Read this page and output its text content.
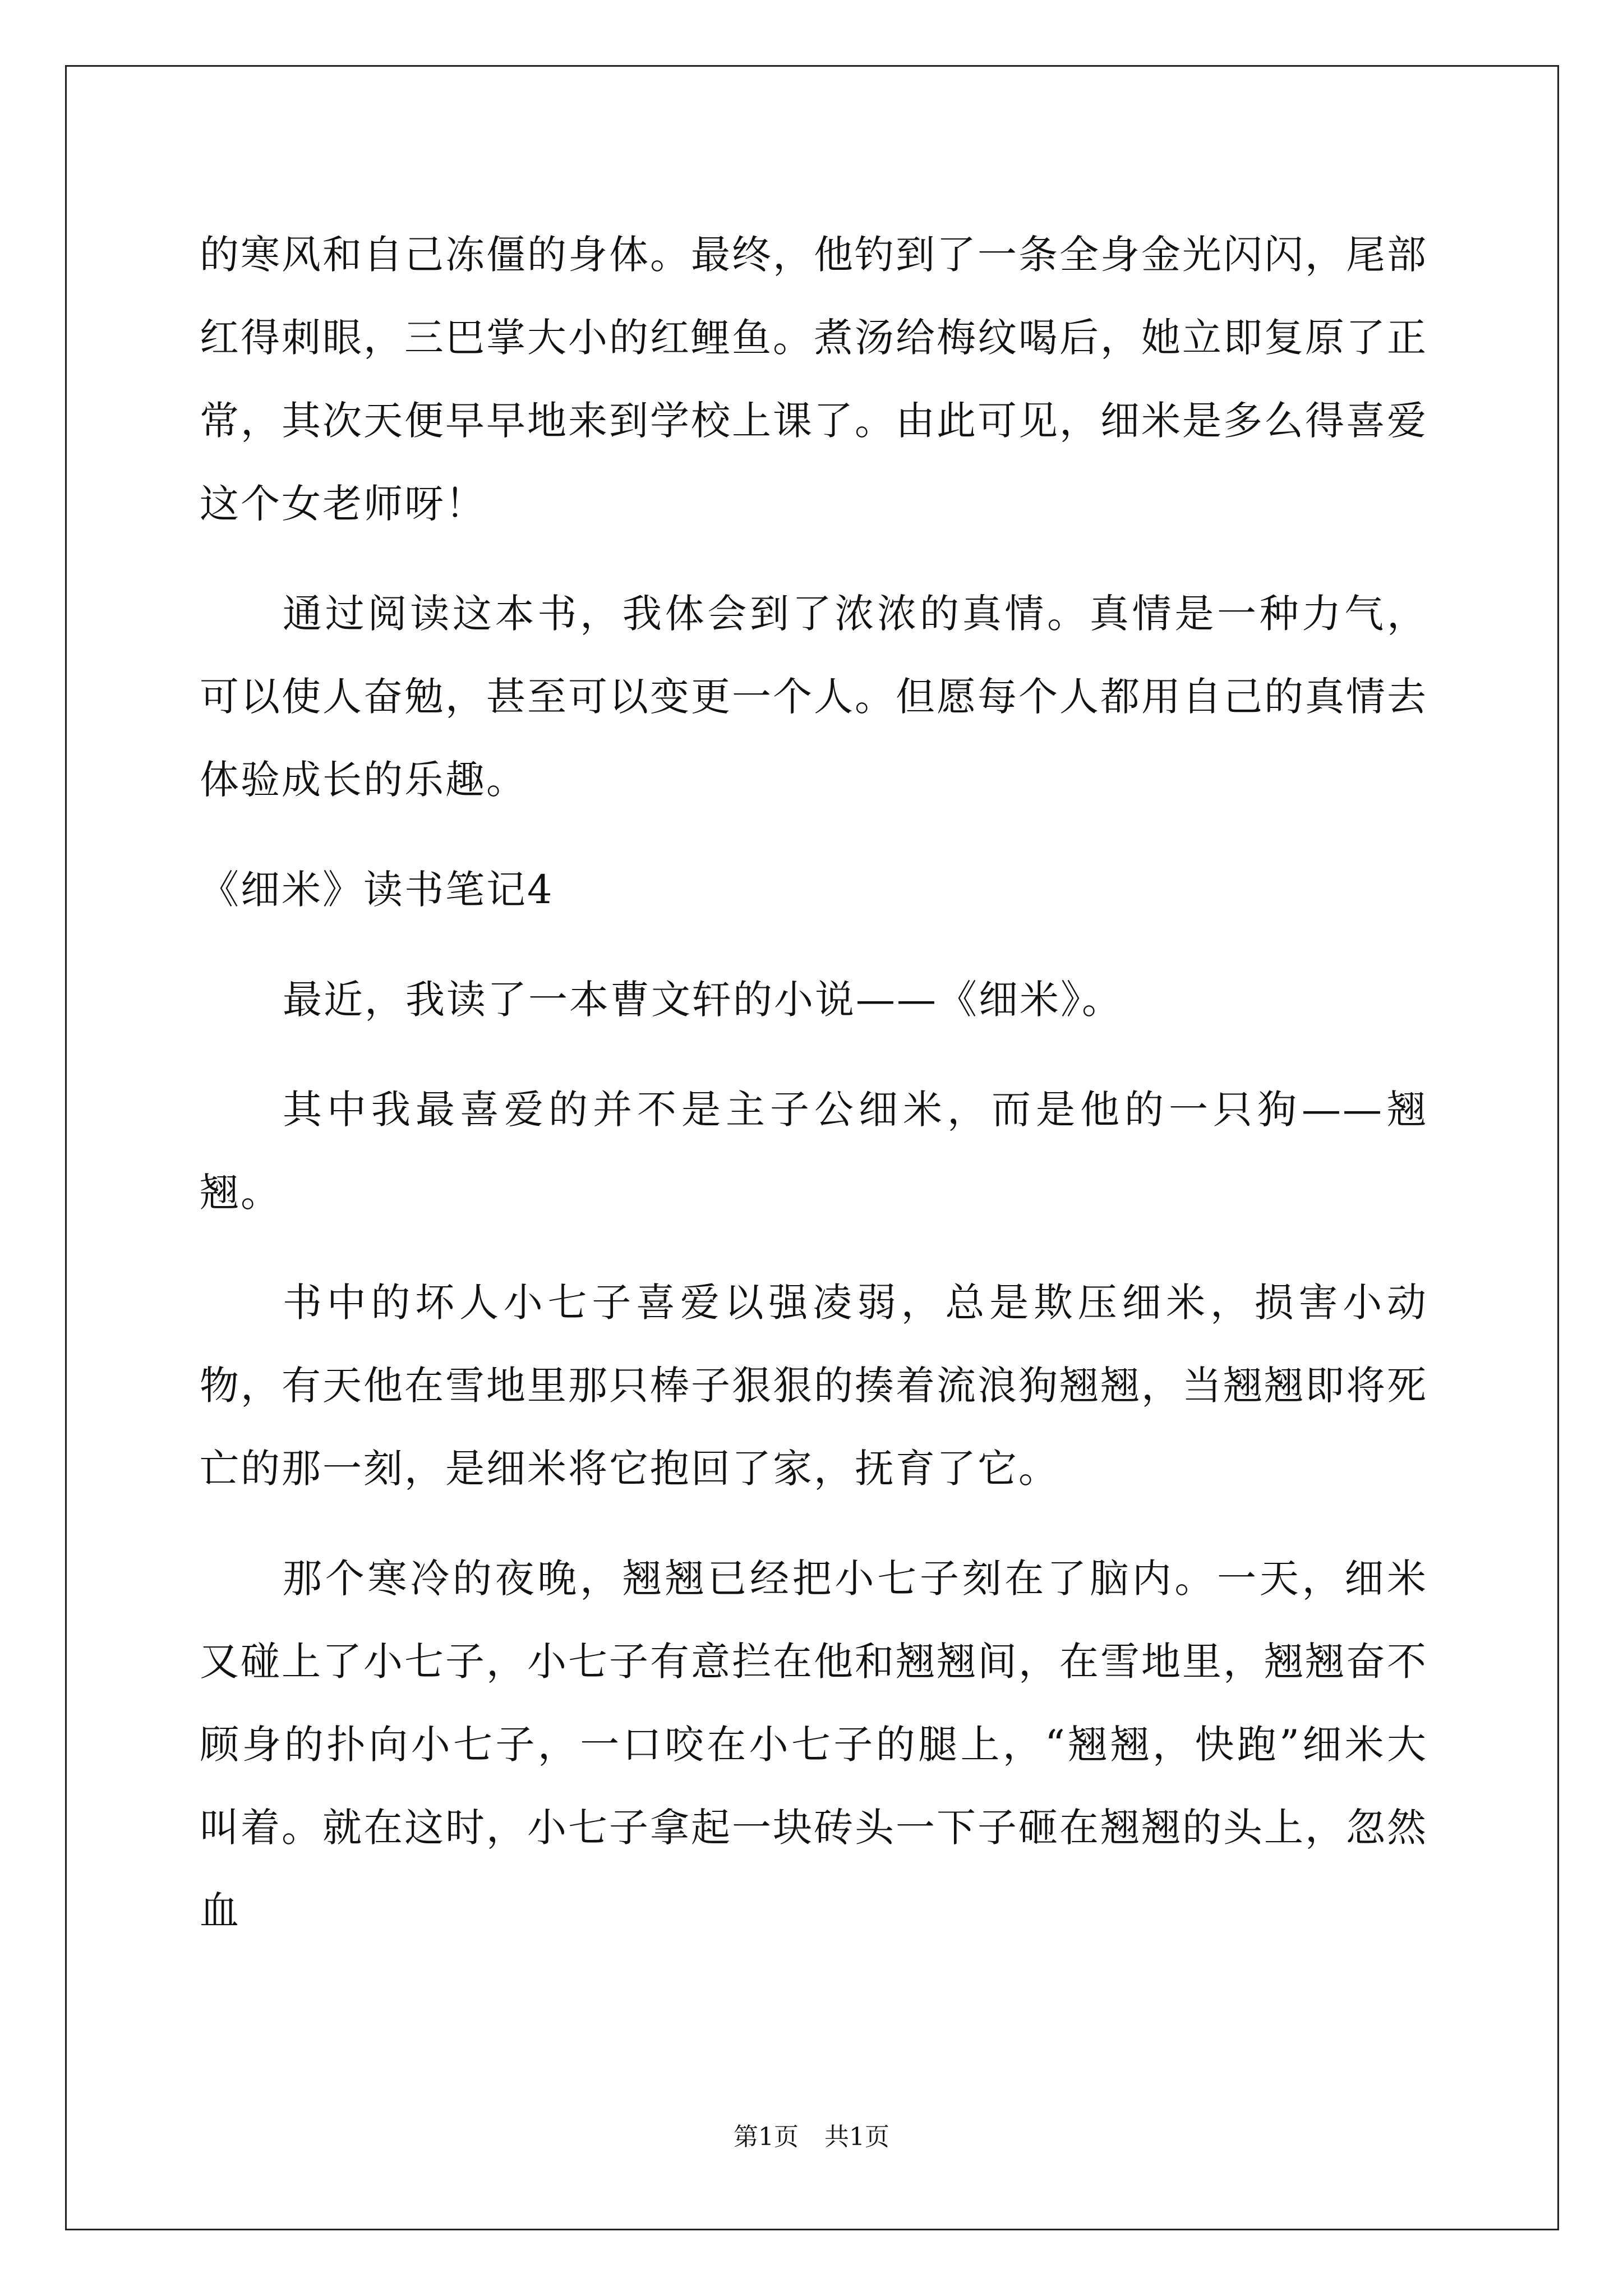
的寒风和自己冻僵的身体。最终，他钓到了一条全身金光闪闪，尾部红得刺眼，三巴掌大小的红鲤鱼。煮汤给梅纹喝后，她立即复原了正常，其次天便早早地来到学校上课了。由此可见，细米是多么得喜爱这个女老师呀！

通过阅读这本书，我体会到了浓浓的真情。真情是一种力气，可以使人奋勉，甚至可以变更一个人。但愿每个人都用自己的真情去体验成长的乐趣。

《细米》读书笔记4

最近，我读了一本曹文轩的小说——《细米》。

其中我最喜爱的并不是主子公细米，而是他的一只狗——翘翘。

书中的坏人小七子喜爱以强凌弱，总是欺压细米，损害小动物，有天他在雪地里那只棒子狠狠的揍着流浪狗翘翘，当翘翘即将死亡的那一刻，是细米将它抱回了家，抚育了它。

那个寒冷的夜晚，翘翘已经把小七子刻在了脑内。一天，细米又碰上了小七子，小七子有意拦在他和翘翘间，在雪地里，翘翘奋不顾身的扑向小七子，一口咬在小七子的腿上，“翘翘，快跑”细米大叫着。就在这时，小七子拿起一块砖头一下子砸在翘翘的头上，忽然血

第1页 共1页
